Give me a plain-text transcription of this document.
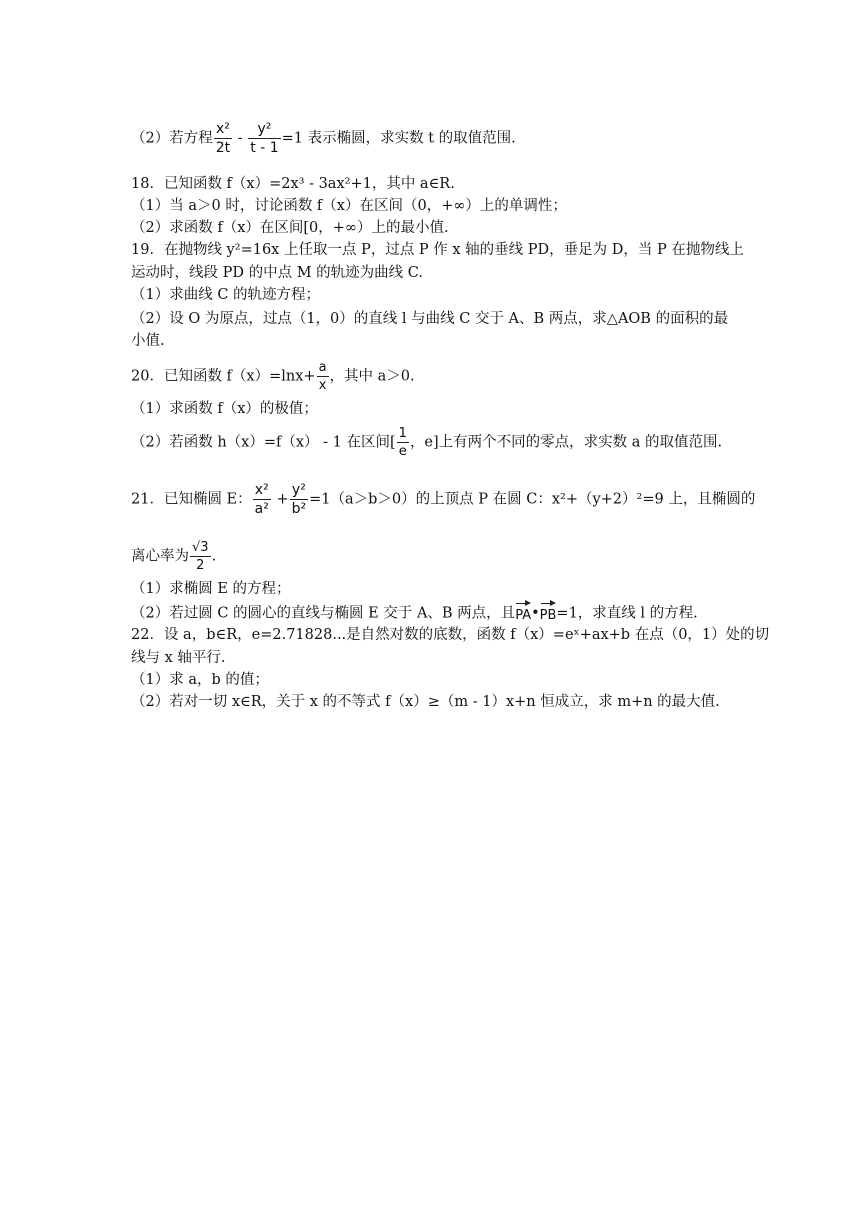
（2）若方程 $\frac{\text{x²}}{2t} - \frac{\text{y²}}{t - 1} =1$ 表示椭圆，求实数 t 的取值范围.
18．已知函数 f（x）=2x³ - 3ax²+1，其中 a∈R.
（1）当 a＞0 时，讨论函数 f（x）在区间（0，+∞）上的单调性；
（2）求函数 f（x）在区间[0，+∞）上的最小值.
19．在抛物线 y²=16x 上任取一点 P，过点 P 作 x 轴的垂线 PD，垂足为 D，当 P 在抛物线上
运动时，线段 PD 的中点 M 的轨迹为曲线 C.
（1）求曲线 C 的轨迹方程；
（2）设 O 为原点，过点（1，0）的直线 l 与曲线 C 交于 A、B 两点，求△AOB 的面积的最
小值.
20．已知函数 $f(x)=\ln x+ \frac{a}{x}$ ，其中 a＞0.
（1）求函数 f（x）的极值；
（2）若函数 h（x）=f（x） - 1 在区间[ $\frac{1}{e}$ ，e]上有两个不同的零点，求实数 a 的取值范围.
21．已知椭圆 E： $\frac{\text{x²}}{\text{a²}} + \frac{\text{y²}}{\text{b²}} =1(a>b>0)$的上顶点 P 在圆 C：x²+（y+2）²=9 上，且椭圆的
离心率为 $\frac{√3}{2}$ .
（1）求椭圆 E 的方程；
（2）若过圆 C 的圆心的直线与椭圆 E 交于 A、B 两点，且PA•PB=1，求直线 l 的方程.
22．设 a，b∈R，e=2.71828...是自然对数的底数，函数 f（x）=eˣ+ax+b 在点（0，1）处的切
线与 x 轴平行.
（1）求 a，b 的值；
（2）若对一切 x∈R，关于 x 的不等式 f（x）≥（m - 1）x+n 恒成立，求 m+n 的最大值.
